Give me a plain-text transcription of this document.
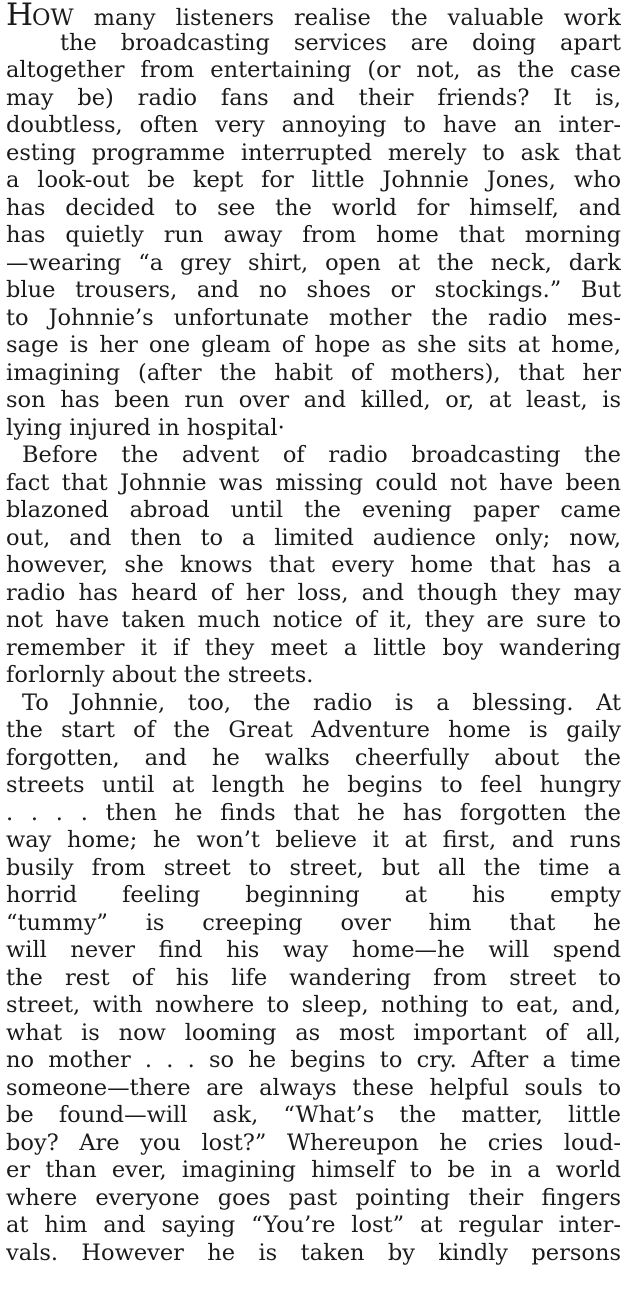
HOW many listeners realise the valuable work
the broadcasting services are doing apart
altogether from entertaining (or not, as the case
may be) radio fans and their friends? It is,
doubtless, often very annoying to have an inter-
esting programme interrupted merely to ask that
a look-out be kept for little Johnnie Jones, who
has decided to see the world for himself, and
has quietly run away from home that morning
—wearing “a grey shirt, open at the neck, dark
blue trousers, and no shoes or stockings.” But
to Johnnie’s unfortunate mother the radio mes-
sage is her one gleam of hope as she sits at home,
imagining (after the habit of mothers), that her
son has been run over and killed, or, at least, is
lying injured in hospital·
Before the advent of radio broadcasting the
fact that Johnnie was missing could not have been
blazoned abroad until the evening paper came
out, and then to a limited audience only; now,
however, she knows that every home that has a
radio has heard of her loss, and though they may
not have taken much notice of it, they are sure to
remember it if they meet a little boy wandering
forlornly about the streets.
To Johnnie, too, the radio is a blessing. At
the start of the Great Adventure home is gaily
forgotten, and he walks cheerfully about the
streets until at length he begins to feel hungry
. . . . then he finds that he has forgotten the
way home; he won’t believe it at first, and runs
busily from street to street, but all the time a
horrid feeling beginning at his empty
“tummy” is creeping over him that he
will never find his way home—he will spend
the rest of his life wandering from street to
street, with nowhere to sleep, nothing to eat, and,
what is now looming as most important of all,
no mother . . . so he begins to cry. After a time
someone—there are always these helpful souls to
be found—will ask, “What’s the matter, little
boy? Are you lost?” Whereupon he cries loud-
er than ever, imagining himself to be in a world
where everyone goes past pointing their fingers
at him and saying “You’re lost” at regular inter-
vals. However he is taken by kindly persons
